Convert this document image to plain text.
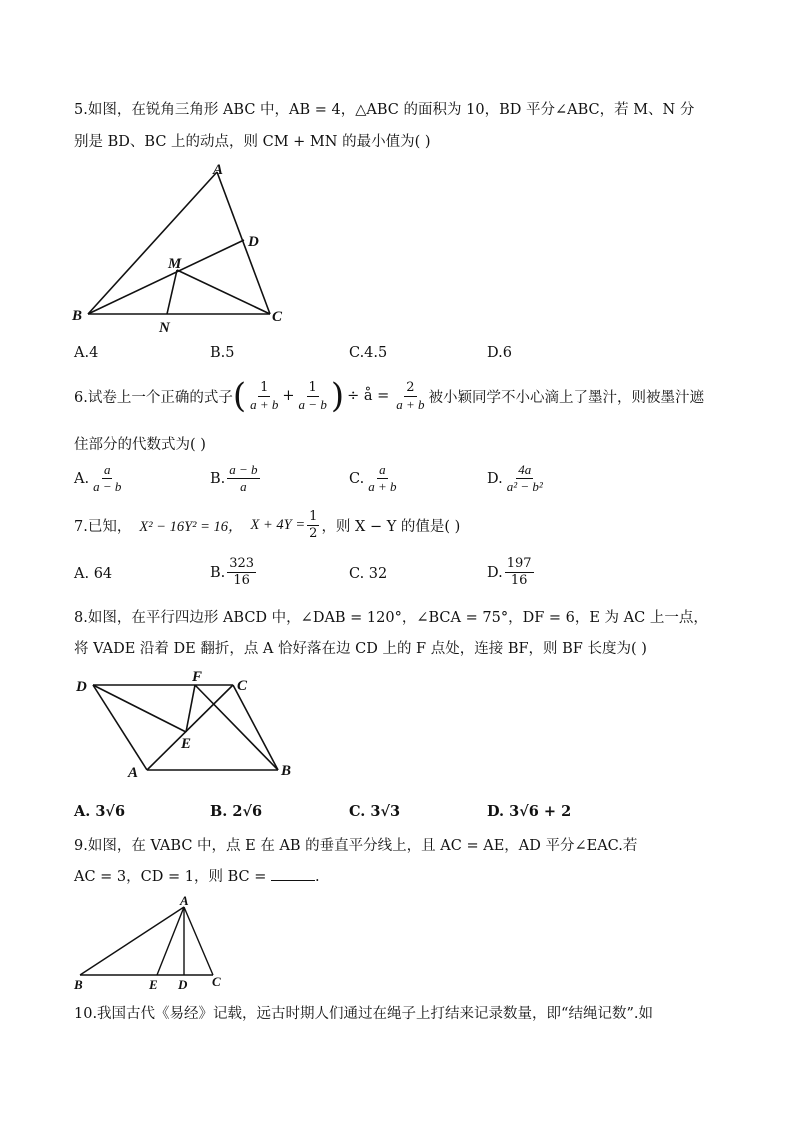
5.如图，在锐角三角形 ABC 中，AB = 4，△ABC 的面积为 10，BD 平分∠ABC，若 M、N 分
别是 BD、BC 上的动点，则 CM + MN 的最小值为( )
A
B	C
D
M
N
A.4	B.5	C.4.5	D.6
6.试卷上一个正确的式子 ( $\frac{1}{a + b} + \frac{1}{a - b}$ ) ÷ å = $\frac{2}{a + b}$ 被小颖同学不小心滴上了墨汁，则被墨汁遮
住部分的代数式为( )
A. $\frac{a}{a - b}$	B. $\frac{a - b}{a}$	C. $\frac{a}{a + b}$	D. $\frac{4a}{\text{a² − b²}}$
7.已知， X² − 16Y² = 16， $X + 4Y = \frac{1}{2}$ ，则 X − Y 的值是( )
A. 64	B. $\frac{323}{16}$	C. 32	D. $\frac{197}{16}$
8.如图，在平行四边形 ABCD 中，∠DAB = 120°，∠BCA = 75°，DF = 6，E 为 AC 上一点，
将 VADE 沿着 DE 翻折，点 A 恰好落在边 CD 上的 F 点处，连接 BF，则 BF 长度为( )
D
F
C
E
A	B
A. 3√6	B. 2√6	C. 3√3	D. 3√6 + 2
9.如图，在 VABC 中，点 E 在 AB 的垂直平分线上，且 AC = AE，AD 平分∠EAC.若
AC = 3，CD = 1，则 BC =	.
A
B	E D C
10.我国古代《易经》记载，远古时期人们通过在绳子上打结来记录数量，即“结绳记数”.如
